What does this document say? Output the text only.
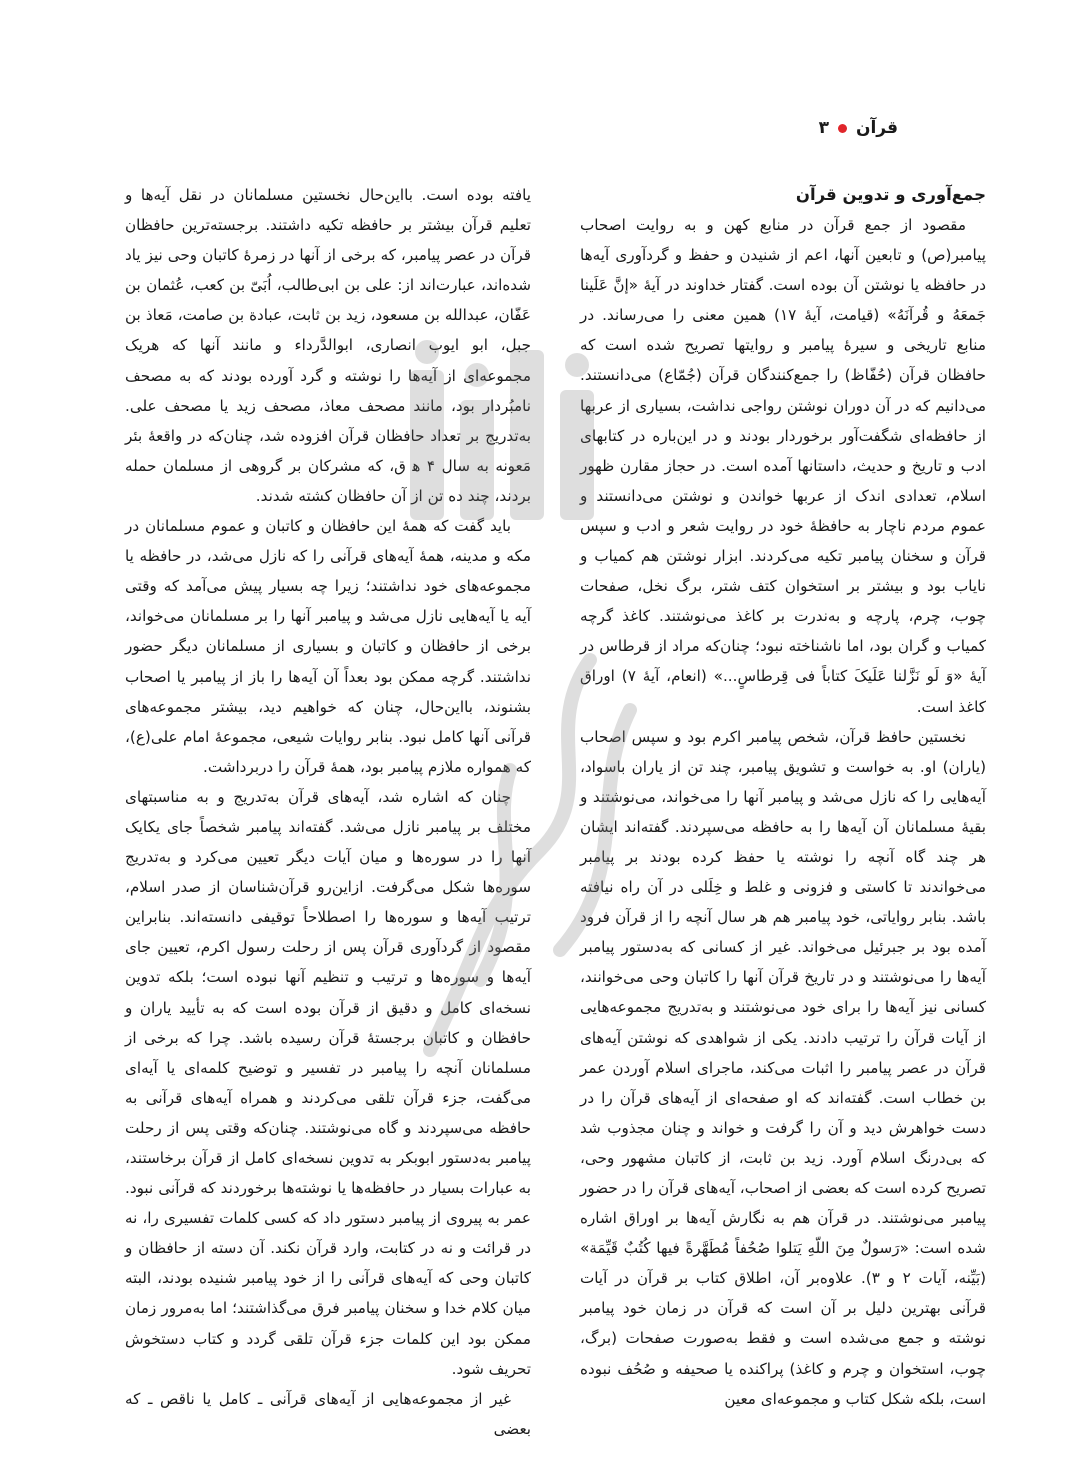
قرآن
۳
جمع‌آوری و تدوین قرآن

مقصود از جمع قرآن در منابع کهن و به روایت اصحاب پیامبر(ص) و تابعین آنها، اعم از شنیدن و حفظ و گردآوری آیه‌ها در حافظه یا نوشتن آن بوده است. گفتار خداوند در آیهٔ «إنَّ عَلَینا جَمعَهُ و قُرآنَهُ» (قیامت، آیهٔ ۱۷) همین معنی را می‌رساند. در منابع تاریخی و سیرهٔ پیامبر و روایتها تصریح شده است که حافظان قرآن (حُفّاظ) را جمع‌کنندگان قرآن (جُمّاع) می‌دانستند. می‌دانیم که در آن دوران نوشتن رواجی نداشت، بسیاری از عربها از حافظه‌ای شگفت‌آور برخوردار بودند و در این‌باره در کتابهای ادب و تاریخ و حدیث، داستانها آمده است. در حجاز مقارن ظهور اسلام، تعدادی اندک از عربها خواندن و نوشتن می‌دانستند و عموم مردم ناچار به حافظهٔ خود در روایت شعر و ادب و سپس قرآن و سخنان پیامبر تکیه می‌کردند. ابزار نوشتن هم کمیاب و نایاب بود و بیشتر بر استخوان کتف شتر، برگ نخل، صفحات چوب، چرم، پارچه و به‌ندرت بر کاغذ می‌نوشتند. کاغذ گرچه کمیاب و گران بود، اما ناشناخته نبود؛ چنان‌که مراد از قرطاس در آیهٔ «وَ لَو نَزَّلنا عَلَیکَ کتاباً فی قِرطاسٍ...» (انعام، آیهٔ ۷) اوراق کاغذ است.

نخستین حافظ قرآن، شخص پیامبر اکرم بود و سپس اصحاب (یاران) او. به خواست و تشویق پیامبر، چند تن از یاران باسواد، آیه‌هایی را که نازل می‌شد و پیامبر آنها را می‌خواند، می‌نوشتند و بقیهٔ مسلمانان آن آیه‌ها را به حافظه می‌سپردند. گفته‌اند ایشان هر چند گاه آنچه را نوشته یا حفظ کرده بودند بر پیامبر می‌خواندند تا کاستی و فزونی و غلط و خِلَلی در آن راه نیافته باشد. بنابر روایاتی، خود پیامبر هم هر سال آنچه را از قرآن فرود آمده بود بر جبرئیل می‌خواند. غیر از کسانی که به‌دستور پیامبر آیه‌ها را می‌نوشتند و در تاریخ قرآن آنها را کاتبان وحی می‌خوانند، کسانی نیز آیه‌ها را برای خود می‌نوشتند و به‌تدریج مجموعه‌هایی از آیات قرآن را ترتیب دادند. یکی از شواهدی که نوشتن آیه‌های قرآن در عصر پیامبر را اثبات می‌کند، ماجرای اسلام آوردن عمر بن خطاب است. گفته‌اند که او صفحه‌ای از آیه‌های قرآن را در دست خواهرش دید و آن را گرفت و خواند و چنان مجذوب شد که بی‌درنگ اسلام آورد. زید بن ثابت، از کاتبان مشهور وحی، تصریح کرده است که بعضی از اصحاب، آیه‌های قرآن را در حضور پیامبر می‌نوشتند. در قرآن هم به نگارش آیه‌ها بر اوراق اشاره شده است: «رَسولٌ مِنَ اللّهِ یَتلوا صُحُفاً مُطَهَّرةً فیها کُتُبٌ قَیِّمَة» (بَیِّنه، آیات ۲ و ۳). علاوه‌بر آن، اطلاق کتاب بر قرآن در آیات قرآنی بهترین دلیل بر آن است که قرآن در زمان خود پیامبر نوشته و جمع می‌شده است و فقط به‌صورت صفحات (برگ، چوب، استخوان و چرم و کاغذ) پراکنده یا صحیفه و صُحُف نبوده است، بلکه شکل کتاب و مجموعه‌ای معین

یافته بوده است. بااین‌حال نخستین مسلمانان در نقل آیه‌ها و تعلیم قرآن بیشتر بر حافظه تکیه داشتند. برجسته‌ترین حافظان قرآن در عصر پیامبر، که برخی از آنها در زمرهٔ کاتبان وحی نیز یاد شده‌اند، عبارت‌اند از: علی بن ابی‌طالب، اُبَیّ بن کعب، عُثمان بن عَفّان، عبدالله بن مسعود، زید بن ثابت، عبادة بن صامت، مَعاذ بن جبل، ابو ایوب انصاری، ابوالدَّرداء و مانند آنها که هریک مجموعه‌ای از آیه‌ها را نوشته و گرد آورده بودند که به مصحف نامبُردار بود، مانند مصحف معاذ، مصحف زید یا مصحف علی. به‌تدریج بر تعداد حافظان قرآن افزوده شد، چنان‌که در واقعهٔ بئر مَعونه به سال ۴ ه‍ ق، که مشرکان بر گروهی از مسلمان حمله بردند، چند ده تن از آن حافظان کشته شدند.

باید گفت که همهٔ این حافظان و کاتبان و عموم مسلمانان در مکه و مدینه، همهٔ آیه‌های قرآنی را که نازل می‌شد، در حافظه یا مجموعه‌های خود نداشتند؛ زیرا چه بسیار پیش می‌آمد که وقتی آیه یا آیه‌هایی نازل می‌شد و پیامبر آنها را بر مسلمانان می‌خواند، برخی از حافظان و کاتبان و بسیاری از مسلمانان دیگر حضور نداشتند. گرچه ممکن بود بعداً آن آیه‌ها را باز از پیامبر یا اصحاب بشنوند، بااین‌حال، چنان که خواهیم دید، بیشتر مجموعه‌های قرآنی آنها کامل نبود. بنابر روایات شیعی، مجموعهٔ امام علی(ع)، که همواره ملازم پیامبر بود، همهٔ قرآن را دربرداشت.

چنان که اشاره شد، آیه‌های قرآن به‌تدریج و به مناسبتهای مختلف بر پیامبر نازل می‌شد. گفته‌اند پیامبر شخصاً جای یکایک آنها را در سوره‌ها و میان آیات دیگر تعیین می‌کرد و به‌تدریج سوره‌ها شکل می‌گرفت. ازاین‌رو قرآن‌شناسان از صدر اسلام، ترتیب آیه‌ها و سوره‌ها را اصطلاحاً توقیفی دانسته‌اند. بنابراین مقصود از گردآوری قرآن پس از رحلت رسول اکرم، تعیین جای آیه‌ها و سوره‌ها و ترتیب و تنظیم آنها نبوده است؛ بلکه تدوین نسخه‌ای کامل و دقیق از قرآن بوده است که به تأیید یاران و حافظان و کاتبان برجستهٔ قرآن رسیده باشد. چرا که برخی از مسلمانان آنچه را پیامبر در تفسیر و توضیح کلمه‌ای یا آیه‌ای می‌گفت، جزء قرآن تلقی می‌کردند و همراه آیه‌های قرآنی به حافظه می‌سپردند و گاه می‌نوشتند. چنان‌که وقتی پس از رحلت پیامبر به‌دستور ابوبکر به تدوین نسخه‌ای کامل از قرآن برخاستند، به عبارات بسیار در حافظه‌ها یا نوشته‌ها برخوردند که قرآنی نبود. عمر به پیروی از پیامبر دستور داد که کسی کلمات تفسیری را، نه در قرائت و نه در کتابت، وارد قرآن نکند. آن دسته از حافظان و کاتبان وحی که آیه‌های قرآنی را از خود پیامبر شنیده بودند، البته میان کلام خدا و سخنان پیامبر فرق می‌گذاشتند؛ اما به‌مرور زمان ممکن بود این کلمات جزء قرآن تلقی گردد و کتاب دستخوش تحریف شود.

غیر از مجموعه‌هایی از آیه‌های قرآنی ـ کامل یا ناقص ـ که بعضی
